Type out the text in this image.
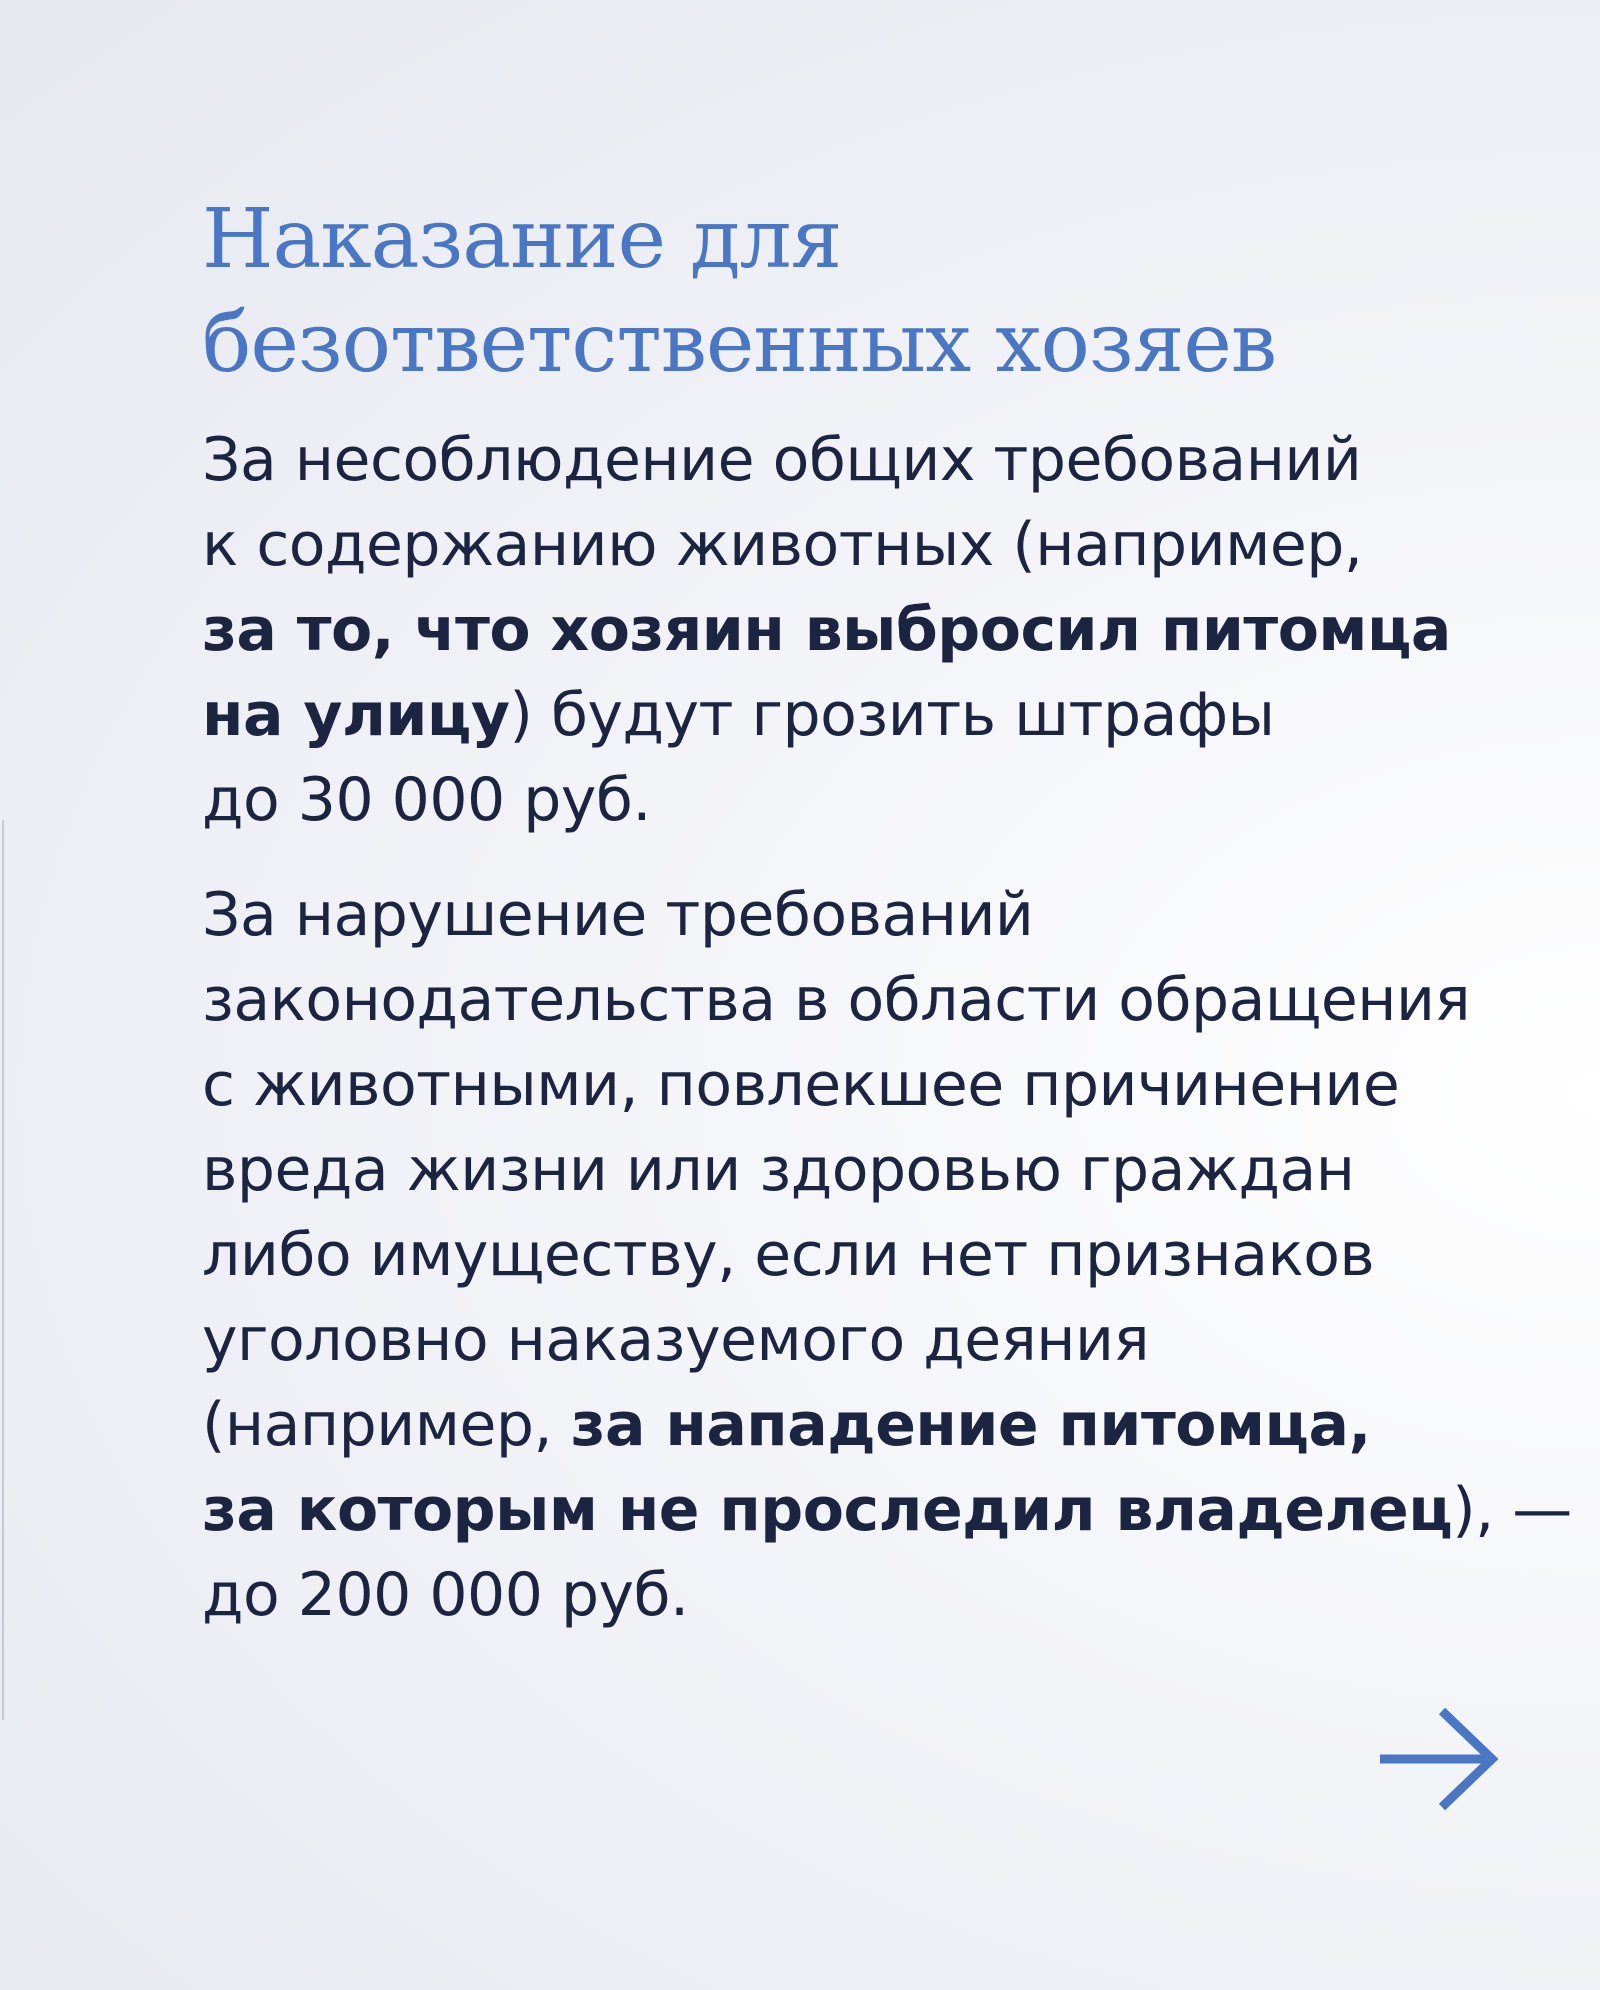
Наказание для
безответственных хозяев

За несоблюдение общих требований
к содержанию животных (например,
за то, что хозяин выбросил питомца
на улицу) будут грозить штрафы
до 30 000 руб.

За нарушение требований
законодательства в области обращения
с животными, повлекшее причинение
вреда жизни или здоровью граждан
либо имуществу, если нет признаков
уголовно наказуемого деяния
(например, за нападение питомца,
за которым не проследил владелец), —
до 200 000 руб.
